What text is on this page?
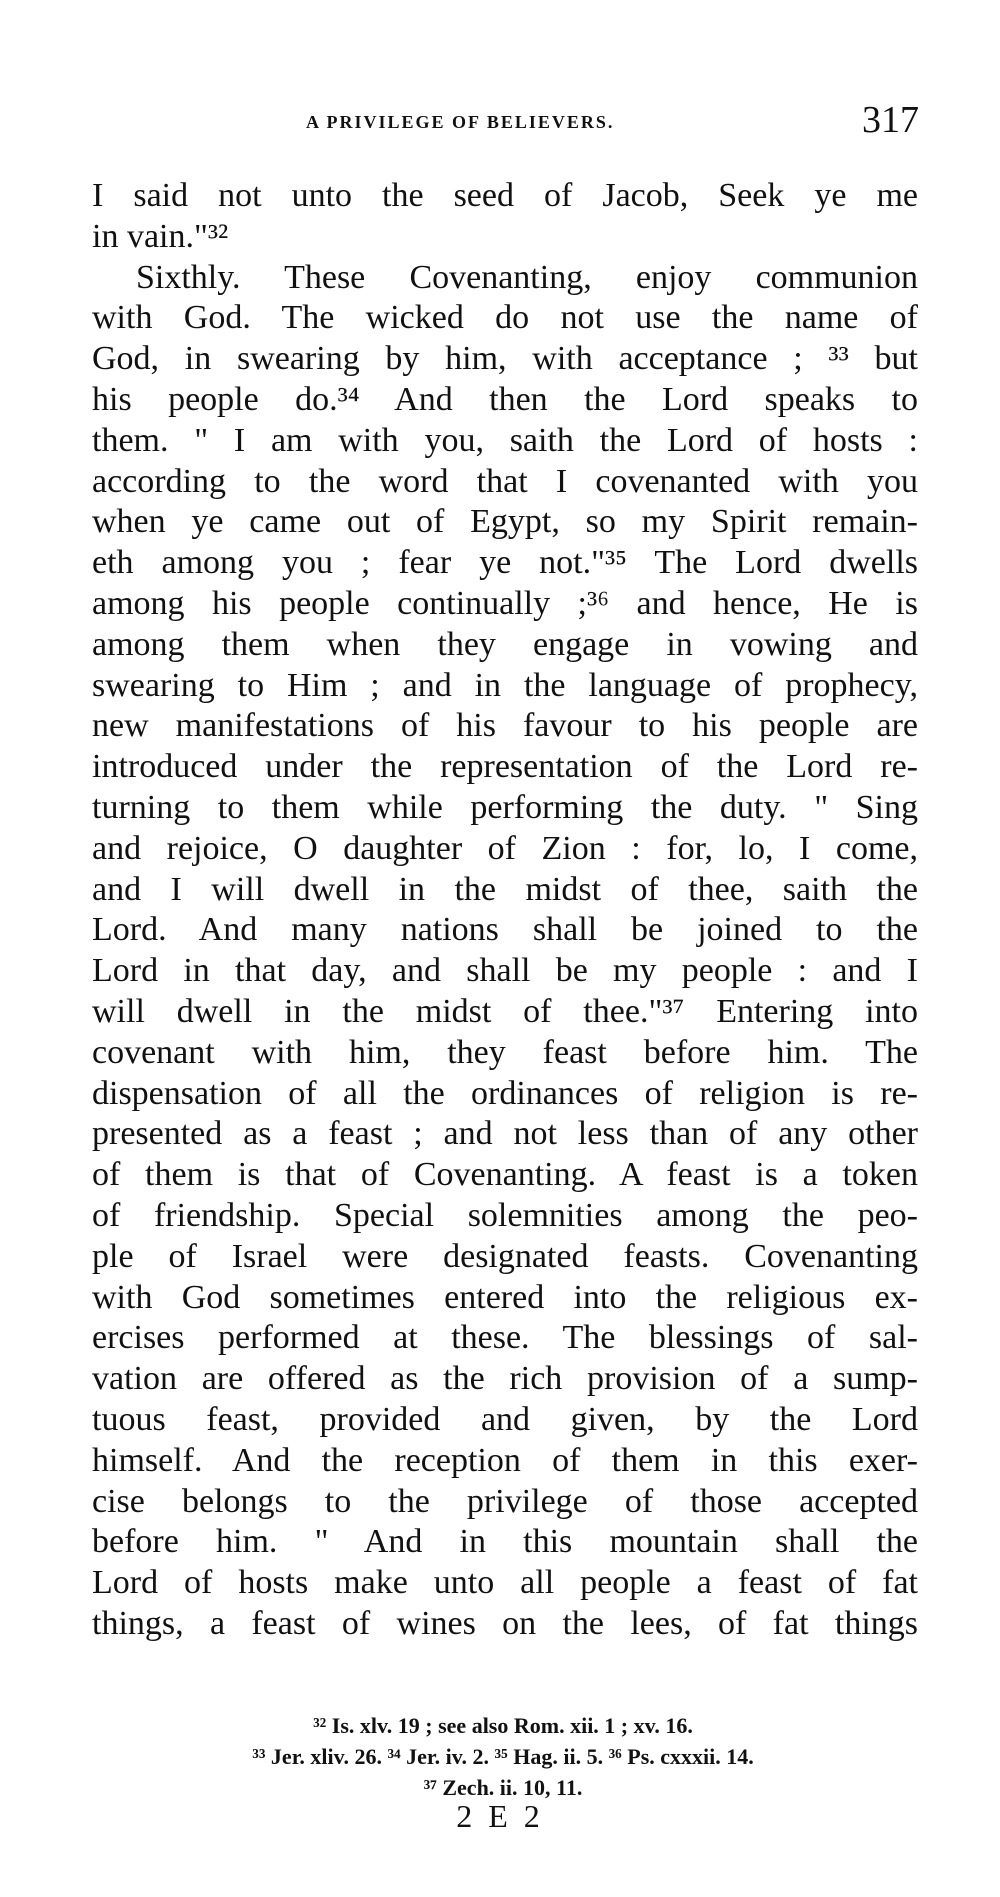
A PRIVILEGE OF BELIEVERS.	317
I said not unto the seed of Jacob, Seek ye me
in vain."³²
Sixthly. These Covenanting, enjoy communion
with God. The wicked do not use the name of
God, in swearing by him, with acceptance ; ³³ but
his people do.³⁴ And then the Lord speaks to
them. " I am with you, saith the Lord of hosts :
according to the word that I covenanted with you
when ye came out of Egypt, so my Spirit remain-
eth among you ; fear ye not."³⁵ The Lord dwells
among his people continually ;³⁶ and hence, He is
among them when they engage in vowing and
swearing to Him ; and in the language of prophecy,
new manifestations of his favour to his people are
introduced under the representation of the Lord re-
turning to them while performing the duty. " Sing
and rejoice, O daughter of Zion : for, lo, I come,
and I will dwell in the midst of thee, saith the
Lord. And many nations shall be joined to the
Lord in that day, and shall be my people : and I
will dwell in the midst of thee."³⁷ Entering into
covenant with him, they feast before him. The
dispensation of all the ordinances of religion is re-
presented as a feast ; and not less than of any other
of them is that of Covenanting. A feast is a token
of friendship. Special solemnities among the peo-
ple of Israel were designated feasts. Covenanting
with God sometimes entered into the religious ex-
ercises performed at these. The blessings of sal-
vation are offered as the rich provision of a sump-
tuous feast, provided and given, by the Lord
himself. And the reception of them in this exer-
cise belongs to the privilege of those accepted
before him. " And in this mountain shall the
Lord of hosts make unto all people a feast of fat
things, a feast of wines on the lees, of fat things
³² Is. xlv. 19 ; see also Rom. xii. 1 ; xv. 16.
³³ Jer. xliv. 26. ³⁴ Jer. iv. 2. ³⁵ Hag. ii. 5. ³⁶ Ps. cxxxii. 14.
³⁷ Zech. ii. 10, 11.
2 E 2
